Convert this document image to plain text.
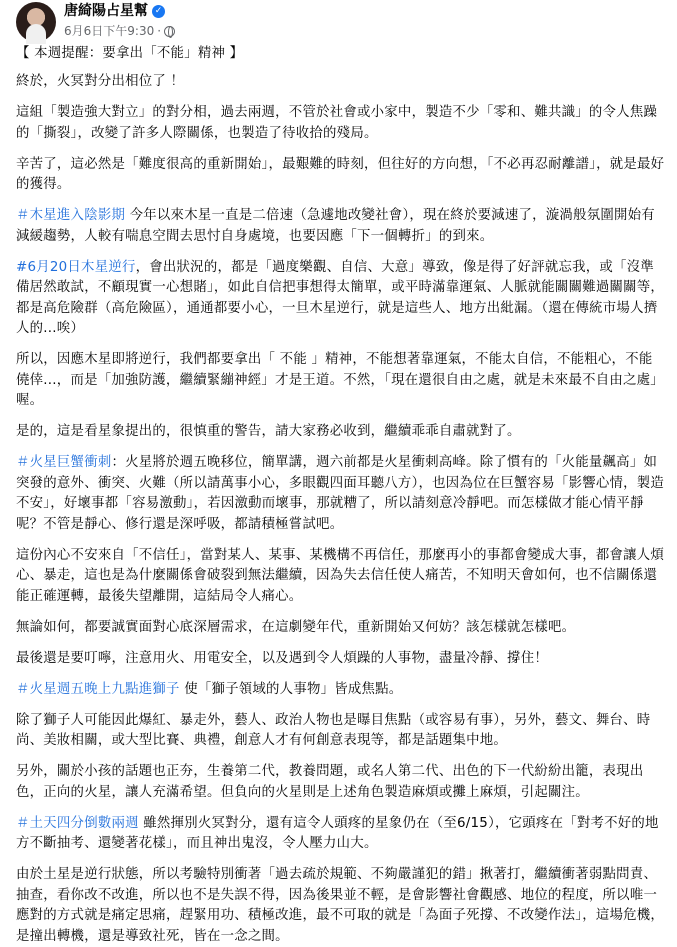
唐綺陽占星幫 ✓
6月6日下午9:30 ·
【 本週提醒：要拿出「不能」精神 】
終於，火冥對分出相位了 ！
這組「製造強大對立」的對分相，過去兩週，不管於社會或小家中，製造不少「零和、難共識」的令人焦躁的「撕裂」，改變了許多人際關係，也製造了待收拾的殘局。
辛苦了，這必然是「難度很高的重新開始」，最艱難的時刻，但往好的方向想，「不必再忍耐離譜」，就是最好的獲得。
＃木星進入陰影期 今年以來木星一直是二倍速（急遽地改變社會），現在終於要減速了，漩渦般氛圍開始有減緩趨勢，人較有喘息空間去思忖自身處境，也要因應「下一個轉折」的到來。
#6月20日木星逆行，會出狀況的，都是「過度樂觀、自信、大意」導致，像是得了好評就忘我，或「沒準備居然敢試，不顧現實一心想賭」，如此自信把事想得太簡單，或平時滿靠運氣、人脈就能關關難過關關等，都是高危險群（高危險區），通通都要小心，一旦木星逆行，就是這些人、地方出紕漏。（還在傳統市場人擠人的...唉）
所以，因應木星即將逆行，我們都要拿出「 不能 」精神，不能想著靠運氣，不能太自信，不能粗心，不能僥倖...，而是「加強防護，繼續緊繃神經」才是王道。不然，「現在還很自由之處，就是未來最不自由之處」喔。
是的，這是看星象提出的，很慎重的警告，請大家務必收到，繼續乖乖自肅就對了。
＃火星巨蟹衝刺：火星將於週五晚移位，簡單講，週六前都是火星衝刺高峰。除了慣有的「火能量飆高」如突發的意外、衝突、火難（所以請萬事小心，多眼觀四面耳聽八方），也因為位在巨蟹容易「影響心情，製造不安」，好壞事都「容易激動」，若因激動而壞事，那就糟了，所以請刻意冷靜吧。而怎樣做才能心情平靜呢？不管是靜心、修行還是深呼吸，都請積極嘗試吧。
這份內心不安來自「不信任」，當對某人、某事、某機構不再信任，那麼再小的事都會變成大事，都會讓人煩心、暴走，這也是為什麼關係會破裂到無法繼續，因為失去信任使人痛苦，不知明天會如何，也不信關係還能正確運轉，最後失望離開，這結局令人痛心。
無論如何，都要誠實面對心底深層需求，在這劇變年代，重新開始又何妨？該怎樣就怎樣吧。
最後還是要叮嚀，注意用火、用電安全，以及遇到令人煩躁的人事物，盡量冷靜、撐住！
＃火星週五晚上九點進獅子 使「獅子領域的人事物」皆成焦點。
除了獅子人可能因此爆紅、暴走外，藝人、政治人物也是曝目焦點（或容易有事），另外，藝文、舞台、時尚、美妝相關，或大型比賽、典禮，創意人才有何創意表現等，都是話題集中地。
另外，關於小孩的話題也正夯，生養第二代，教養問題，或名人第二代、出色的下一代紛紛出籠，表現出色，正向的火星，讓人充滿希望。但負向的火星則是上述角色製造麻煩或攤上麻煩，引起關注。
＃土天四分倒數兩週 雖然揮別火冥對分，還有這令人頭疼的星象仍在（至6/15），它頭疼在「對考不好的地方不斷抽考、還變著花樣」，而且神出鬼沒，令人壓力山大。
由於土星是逆行狀態，所以考驗特別衝著「過去疏於規範、不夠嚴謹犯的錯」揪著打，繼續衝著弱點問責、抽查，看你改不改進，所以也不是失誤不得，因為後果並不輕，是會影響社會觀感、地位的程度，所以唯一應對的方式就是痛定思痛，趕緊用功、積極改進，最不可取的就是「為面子死撐、不改變作法」，這場危機，是撞出轉機，還是導致社死，皆在一念之間。
